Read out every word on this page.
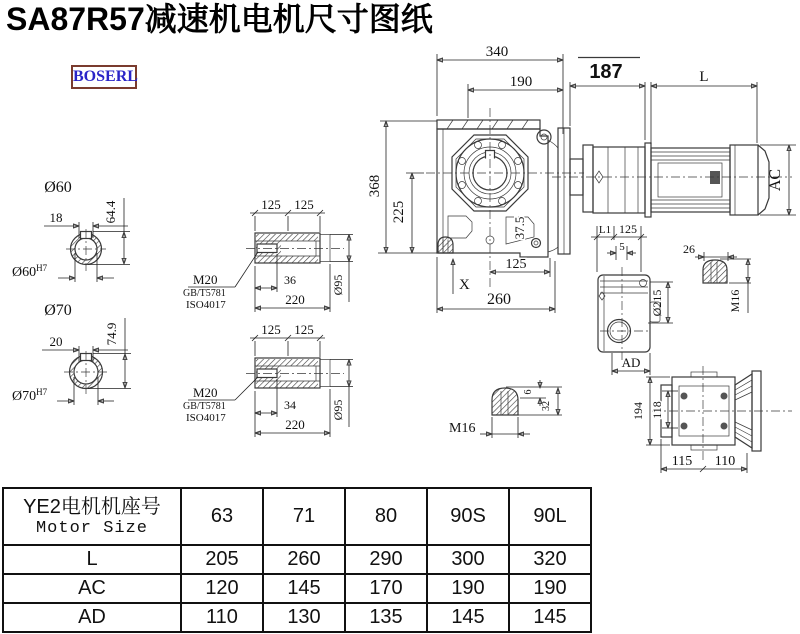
SA87R57减速机电机尺寸图纸
BOSERL
340
190
368
225
37.5
125
260
X
187	L
AC
L1 125
5
Ø215
AD
26
M16
M16
6
32	194 118
115 110
Ø60
18	64.4
$Ø60^{H7}$
Ø70
20	74.9
$Ø70^{H7}$
125 125
36
220
Ø95
M20
GB/T5781
ISO4017
125 125
34
220
Ø95
M20
GB/T5781
ISO4017
YE2电机机座号
Motor Size	63	71	80	90S	90L
L	205	260	290	300	320
AC	120	145	170	190	190
AD	110	130	135	145	145
